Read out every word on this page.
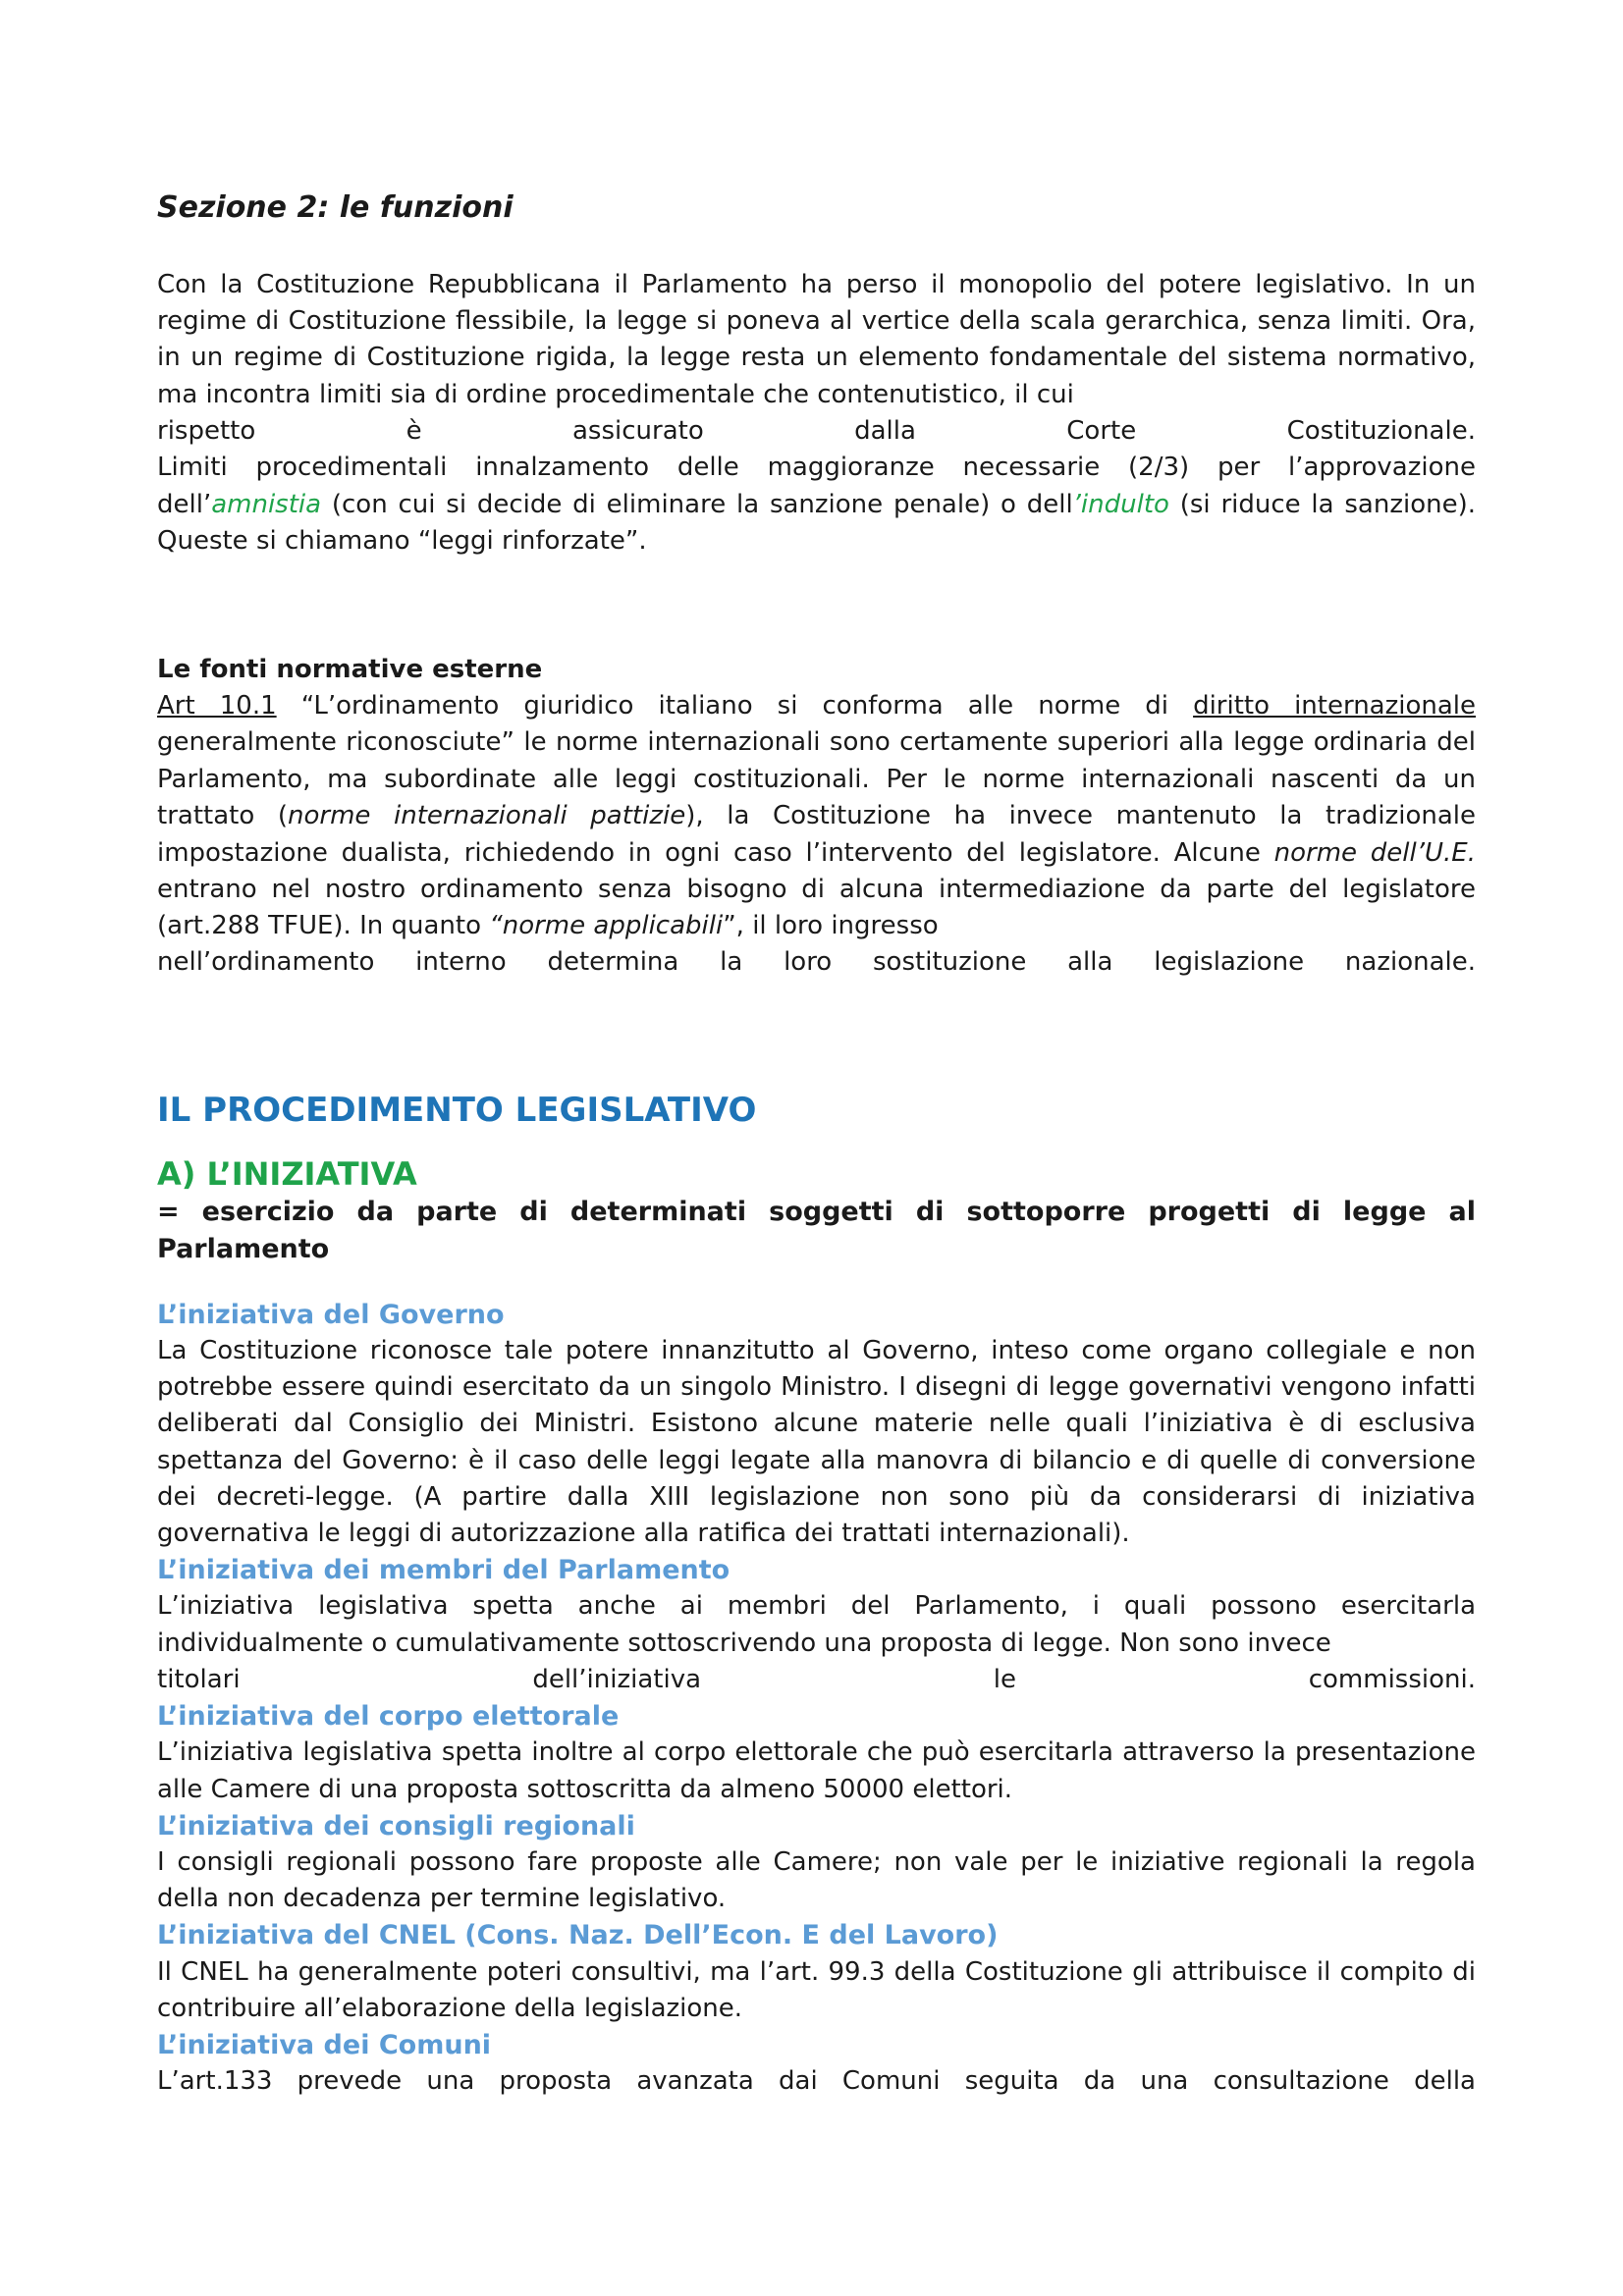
Sezione 2: le funzioni

Con la Costituzione Repubblicana il Parlamento ha perso il monopolio del potere legislativo. In un regime di Costituzione flessibile, la legge si poneva al vertice della scala gerarchica, senza limiti. Ora, in un regime di Costituzione rigida, la legge resta un elemento fondamentale del sistema normativo, ma incontra limiti sia di ordine procedimentale che contenutistico, il cui

rispetto	è	assicurato	dalla	Corte	Costituzionale.

Limiti procedimentali innalzamento delle maggioranze necessarie (2/3) per l’approvazione dell’amnistia (con cui si decide di eliminare la sanzione penale) o dell’indulto (si riduce la sanzione). Queste si chiamano “leggi rinforzate”.

Le fonti normative esterne

Art 10.1 “L’ordinamento giuridico italiano si conforma alle norme di diritto internazionale generalmente riconosciute” le norme internazionali sono certamente superiori alla legge ordinaria del Parlamento, ma subordinate alle leggi costituzionali. Per le norme internazionali nascenti da un trattato (norme internazionali pattizie), la Costituzione ha invece mantenuto la tradizionale impostazione dualista, richiedendo in ogni caso l’intervento del legislatore. Alcune norme dell’U.E. entrano nel nostro ordinamento senza bisogno di alcuna intermediazione da parte del legislatore (art.288 TFUE). In quanto “norme applicabili”, il loro ingresso

nell’ordinamento interno determina la loro sostituzione alla legislazione nazionale.
IL PROCEDIMENTO LEGISLATIVO
A) L’INIZIATIVA

= esercizio da parte di determinati soggetti di sottoporre progetti di legge al Parlamento

L’iniziativa del Governo

La Costituzione riconosce tale potere innanzitutto al Governo, inteso come organo collegiale e non potrebbe essere quindi esercitato da un singolo Ministro. I disegni di legge governativi vengono infatti deliberati dal Consiglio dei Ministri. Esistono alcune materie nelle quali l’iniziativa è di esclusiva spettanza del Governo: è il caso delle leggi legate alla manovra di bilancio e di quelle di conversione dei decreti-legge. (A partire dalla XIII legislazione non sono più da considerarsi di iniziativa governativa le leggi di autorizzazione alla ratifica dei trattati internazionali).

L’iniziativa dei membri del Parlamento

L’iniziativa legislativa spetta anche ai membri del Parlamento, i quali possono esercitarla individualmente o cumulativamente sottoscrivendo una proposta di legge. Non sono invece

titolari	dell’iniziativa	le	commissioni.
L’iniziativa del corpo elettorale

L’iniziativa legislativa spetta inoltre al corpo elettorale che può esercitarla attraverso la presentazione alle Camere di una proposta sottoscritta da almeno 50000 elettori.

L’iniziativa dei consigli regionali

I consigli regionali possono fare proposte alle Camere; non vale per le iniziative regionali la regola della non decadenza per termine legislativo.

L’iniziativa del CNEL (Cons. Naz. Dell’Econ. E del Lavoro)

Il CNEL ha generalmente poteri consultivi, ma l’art. 99.3 della Costituzione gli attribuisce il compito di contribuire all’elaborazione della legislazione.

L’iniziativa dei Comuni

L’art.133 prevede una proposta avanzata dai Comuni seguita da una consultazione della
